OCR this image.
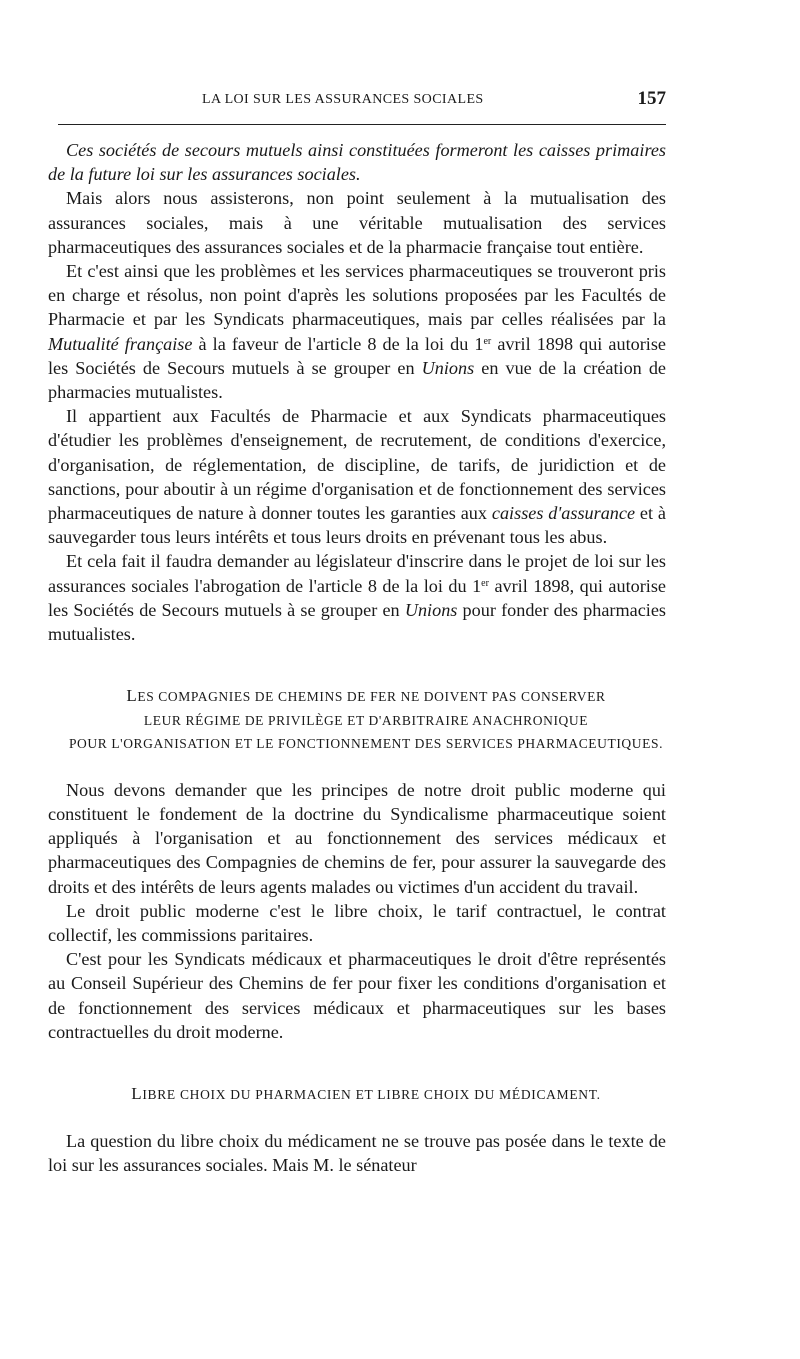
LA LOI SUR LES ASSURANCES SOCIALES	157

Ces sociétés de secours mutuels ainsi constituées formeront les caisses primaires de la future loi sur les assurances sociales.

Mais alors nous assisterons, non point seulement à la mutualisation des assurances sociales, mais à une véritable mutualisation des services pharmaceutiques des assurances sociales et de la pharmacie française tout entière.

Et c'est ainsi que les problèmes et les services pharmaceutiques se trouveront pris en charge et résolus, non point d'après les solutions proposées par les Facultés de Pharmacie et par les Syndicats pharmaceutiques, mais par celles réalisées par la Mutualité française à la faveur de l'article 8 de la loi du 1er avril 1898 qui autorise les Sociétés de Secours mutuels à se grouper en Unions en vue de la création de pharmacies mutualistes.

Il appartient aux Facultés de Pharmacie et aux Syndicats pharmaceutiques d'étudier les problèmes d'enseignement, de recrutement, de conditions d'exercice, d'organisation, de réglementation, de discipline, de tarifs, de juridiction et de sanctions, pour aboutir à un régime d'organisation et de fonctionnement des services pharmaceutiques de nature à donner toutes les garanties aux caisses d'assurance et à sauvegarder tous leurs intérêts et tous leurs droits en prévenant tous les abus.

Et cela fait il faudra demander au législateur d'inscrire dans le projet de loi sur les assurances sociales l'abrogation de l'article 8 de la loi du 1er avril 1898, qui autorise les Sociétés de Secours mutuels à se grouper en Unions pour fonder des pharmacies mutualistes.

LES COMPAGNIES DE CHEMINS DE FER NE DOIVENT PAS CONSERVER

LEUR RÉGIME DE PRIVILÈGE ET D'ARBITRAIRE ANACHRONIQUE

POUR L'ORGANISATION ET LE FONCTIONNEMENT DES SERVICES PHARMACEUTIQUES.

Nous devons demander que les principes de notre droit public moderne qui constituent le fondement de la doctrine du Syndicalisme pharmaceutique soient appliqués à l'organisation et au fonctionnement des services médicaux et pharmaceutiques des Compagnies de chemins de fer, pour assurer la sauvegarde des droits et des intérêts de leurs agents malades ou victimes d'un accident du travail.

Le droit public moderne c'est le libre choix, le tarif contractuel, le contrat collectif, les commissions paritaires.

C'est pour les Syndicats médicaux et pharmaceutiques le droit d'être représentés au Conseil Supérieur des Chemins de fer pour fixer les conditions d'organisation et de fonctionnement des services médicaux et pharmaceutiques sur les bases contractuelles du droit moderne.

LIBRE CHOIX DU PHARMACIEN ET LIBRE CHOIX DU MÉDICAMENT.

La question du libre choix du médicament ne se trouve pas posée dans le texte de loi sur les assurances sociales. Mais M. le sénateur
